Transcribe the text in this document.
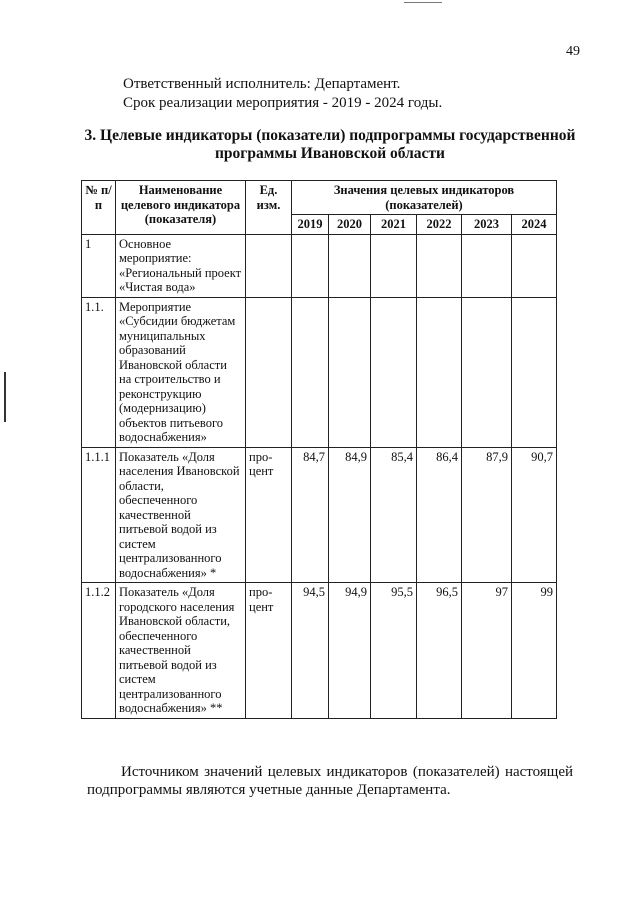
49
Ответственный исполнитель: Департамент.
Срок реализации мероприятия - 2019 - 2024 годы.
3. Целевые индикаторы (показатели) подпрограммы государственной
программы Ивановской области
№ п/п	Наименование целевого индикатора (показателя)	Ед. изм.	Значения целевых индикаторов (показателей)					
			2019	2020	2021	2022	2023	2024
1	Основное мероприятие: «Региональный проект «Чистая вода»							
1.1.	Мероприятие «Субсидии бюджетам муниципальных образований Ивановской области на строительство и реконструкцию (модернизацию) объектов питьевого водоснабжения»							
1.1.1	Показатель «Доля населения Ивановской области, обеспеченного качественной питьевой водой из систем централизованного водоснабжения» *	про-цент	84,7	84,9	85,4	86,4	87,9	90,7
1.1.2	Показатель «Доля городского населения Ивановской области, обеспеченного качественной питьевой водой из систем централизованного водоснабжения» **	про-цент	94,5	94,9	95,5	96,5	97	99
Источником значений целевых индикаторов (показателей) настоящей подпрограммы являются учетные данные Департамента.
